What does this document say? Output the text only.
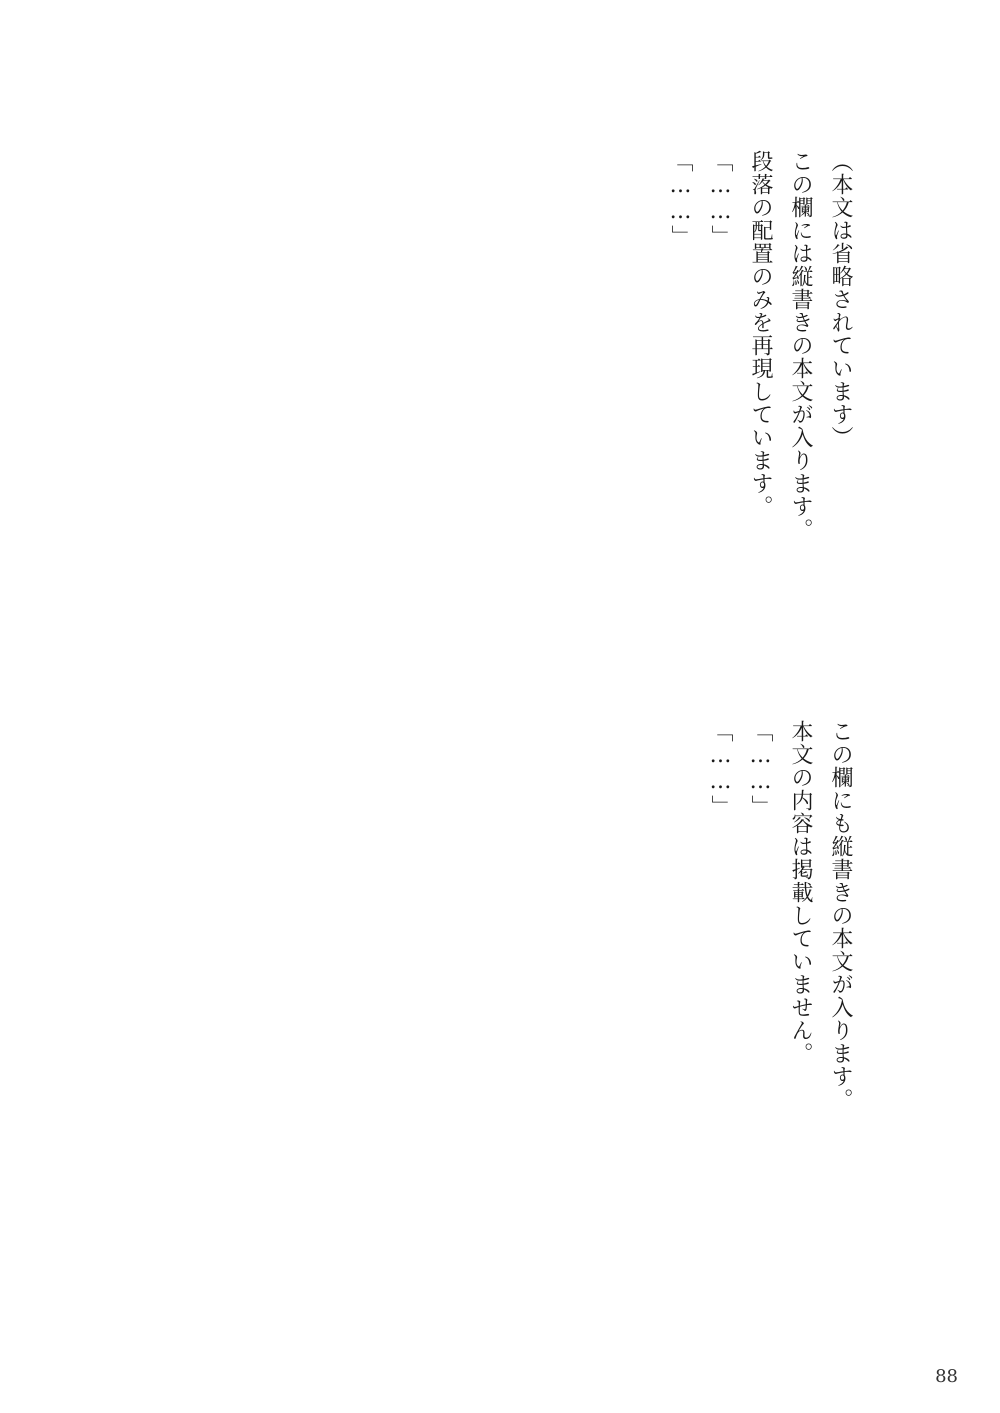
（本文は省略されています）

この欄には縦書きの本文が入ります。

段落の配置のみを再現しています。

「……」

「……」

この欄にも縦書きの本文が入ります。

本文の内容は掲載していません。

「……」

「……」

88
